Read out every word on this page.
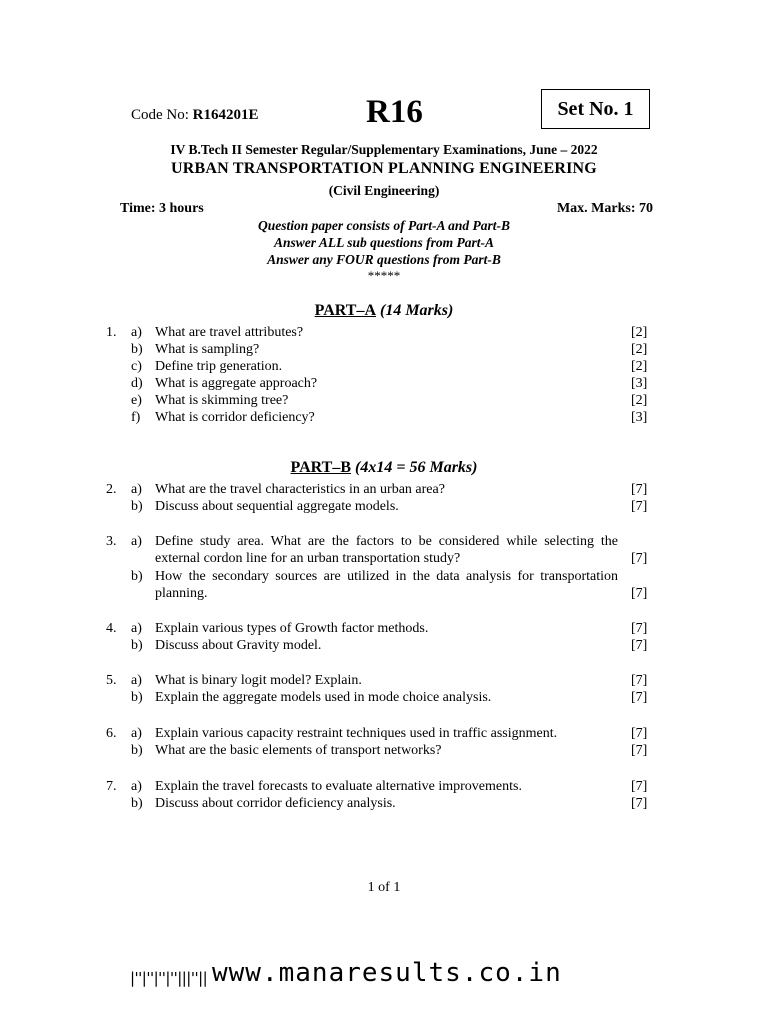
Code No: R164201E	R16	Set No. 1
IV B.Tech II Semester Regular/Supplementary Examinations, June – 2022
URBAN TRANSPORTATION PLANNING ENGINEERING
(Civil Engineering)
Time: 3 hours	Max. Marks: 70
Question paper consists of Part-A and Part-B
Answer ALL sub questions from Part-A
Answer any FOUR questions from Part-B
*****
PART–A (14 Marks)
1. a) What are travel attributes?	[2]
b) What is sampling?	[2]
c) Define trip generation.	[2]
d) What is aggregate approach?	[3]
e) What is skimming tree?	[2]
f) What is corridor deficiency?	[3]
PART–B (4x14 = 56 Marks)
2. a) What are the travel characteristics in an urban area?	[7]
b) Discuss about sequential aggregate models.	[7]
3. a) Define study area. What are the factors to be considered while selecting the external cordon line for an urban transportation study?	[7]
b) How the secondary sources are utilized in the data analysis for transportation planning.	[7]
4. a) Explain various types of Growth factor methods.	[7]
b) Discuss about Gravity model.	[7]
5. a) What is binary logit model? Explain.	[7]
b) Explain the aggregate models used in mode choice analysis.	[7]
6. a) Explain various capacity restraint techniques used in traffic assignment.	[7]
b) What are the basic elements of transport networks?	[7]
7. a) Explain the travel forecasts to evaluate alternative improvements.	[7]
b) Discuss about corridor deficiency analysis.	[7]
1 of 1
|''|''|''|''|||''|| www.manaresults.co.in
